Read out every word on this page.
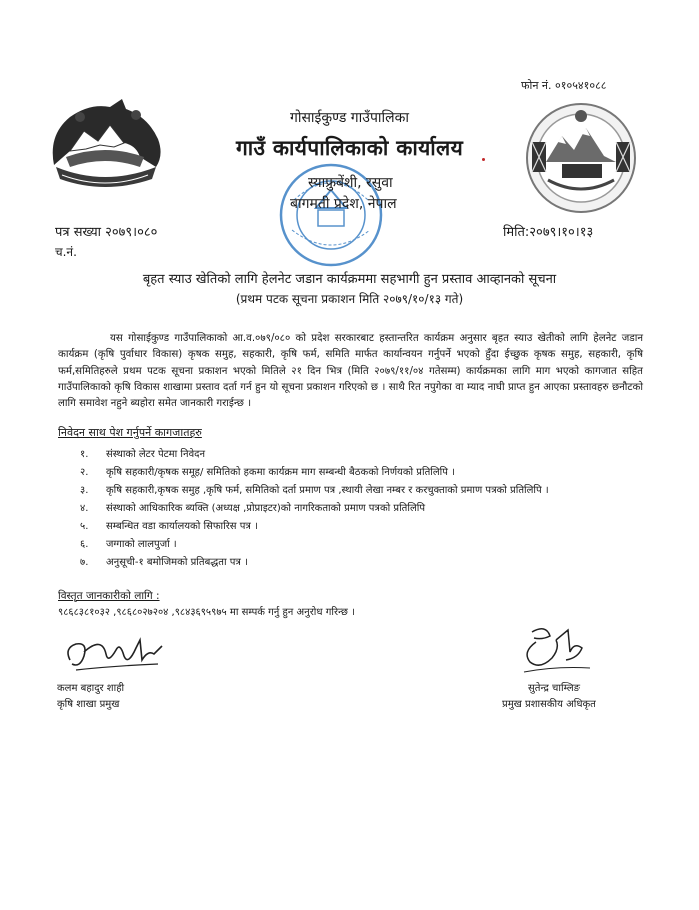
फोन नं. ०१०५४१०८८
गोसाईकुण्ड गाउँपालिका
गाउँ कार्यपालिकाको कार्यालय
स्याफ्रुबेंशी, रसुवा
बागमती प्रदेश, नेपाल
पत्र सख्या २०७९।०८०
च.नं.
मिति:२०७९।१०।१३
बृहत स्याउ खेतिको लागि हेलनेट जडान कार्यक्रममा सहभागी हुन प्रस्ताव आव्हानको सूचना
(प्रथम पटक सूचना प्रकाशन मिति २०७९/१०/१३ गते)
यस गोसाईकुण्ड गाउँपालिकाको आ.व.०७९/०८० को प्रदेश सरकारबाट हस्तान्तरित कार्यक्रम अनुसार बृहत स्याउ खेतीको लागि हेलनेट जडान कार्यक्रम (कृषि पुर्वाधार विकास) कृषक समुह, सहकारी, कृषि फर्म, समिति मार्फत कार्यान्वयन गर्नुपर्ने भएको हुँदा ईच्छुक कृषक समुह, सहकारी, कृषि फर्म,समितिहरुले प्रथम पटक सूचना प्रकाशन भएको मितिले २१ दिन भित्र (मिति २०७९/११/०४ गतेसम्म) कार्यक्रमका लागि माग भएको कागजात सहित गाउँपालिकाको कृषि विकास शाखामा प्रस्ताव दर्ता गर्न हुन यो सूचना प्रकाशन गरिएको छ । साथै रित नपुगेका वा म्याद नाघी प्राप्त हुन आएका प्रस्तावहरु छनौटको लागि समावेश नहुने ब्यहोरा समेत जानकारी गराईन्छ ।
निवेदन साथ पेश गर्नुपर्ने कागजातहरु
१. संस्थाको लेटर पेटमा निवेदन
२. कृषि सहकारी/कृषक समूह/ समितिको हकमा कार्यक्रम माग सम्बन्धी बैठकको निर्णयको प्रतिलिपि ।
३. कृषि सहकारी,कृषक समुह ,कृषि फर्म, समितिको दर्ता प्रमाण पत्र ,स्थायी लेखा नम्बर र करचुक्ताको प्रमाण पत्रको प्रतिलिपि ।
४. संस्थाको आधिकारिक ब्यक्ति (अध्यक्ष ,प्रोप्राइटर)को नागरिकताको प्रमाण पत्रको प्रतिलिपि
५. सम्बन्धित वडा कार्यालयको सिफारिस पत्र ।
६. जग्गाको लालपुर्जा ।
७. अनुसूची-१ बमोजिमको प्रतिबद्धता पत्र ।
विस्तृत जानकारीको लागि :
९८६८३८१०३२ ,९८६८०२७२०४ ,९८४३६९५९७५ मा सम्पर्क गर्नु हुन अनुरोध गरिन्छ ।
कलम बहादुर शाही
कृषि शाखा प्रमुख
सुतेन्द्र चाम्लिङ
प्रमुख प्रशासकीय अधिकृत
